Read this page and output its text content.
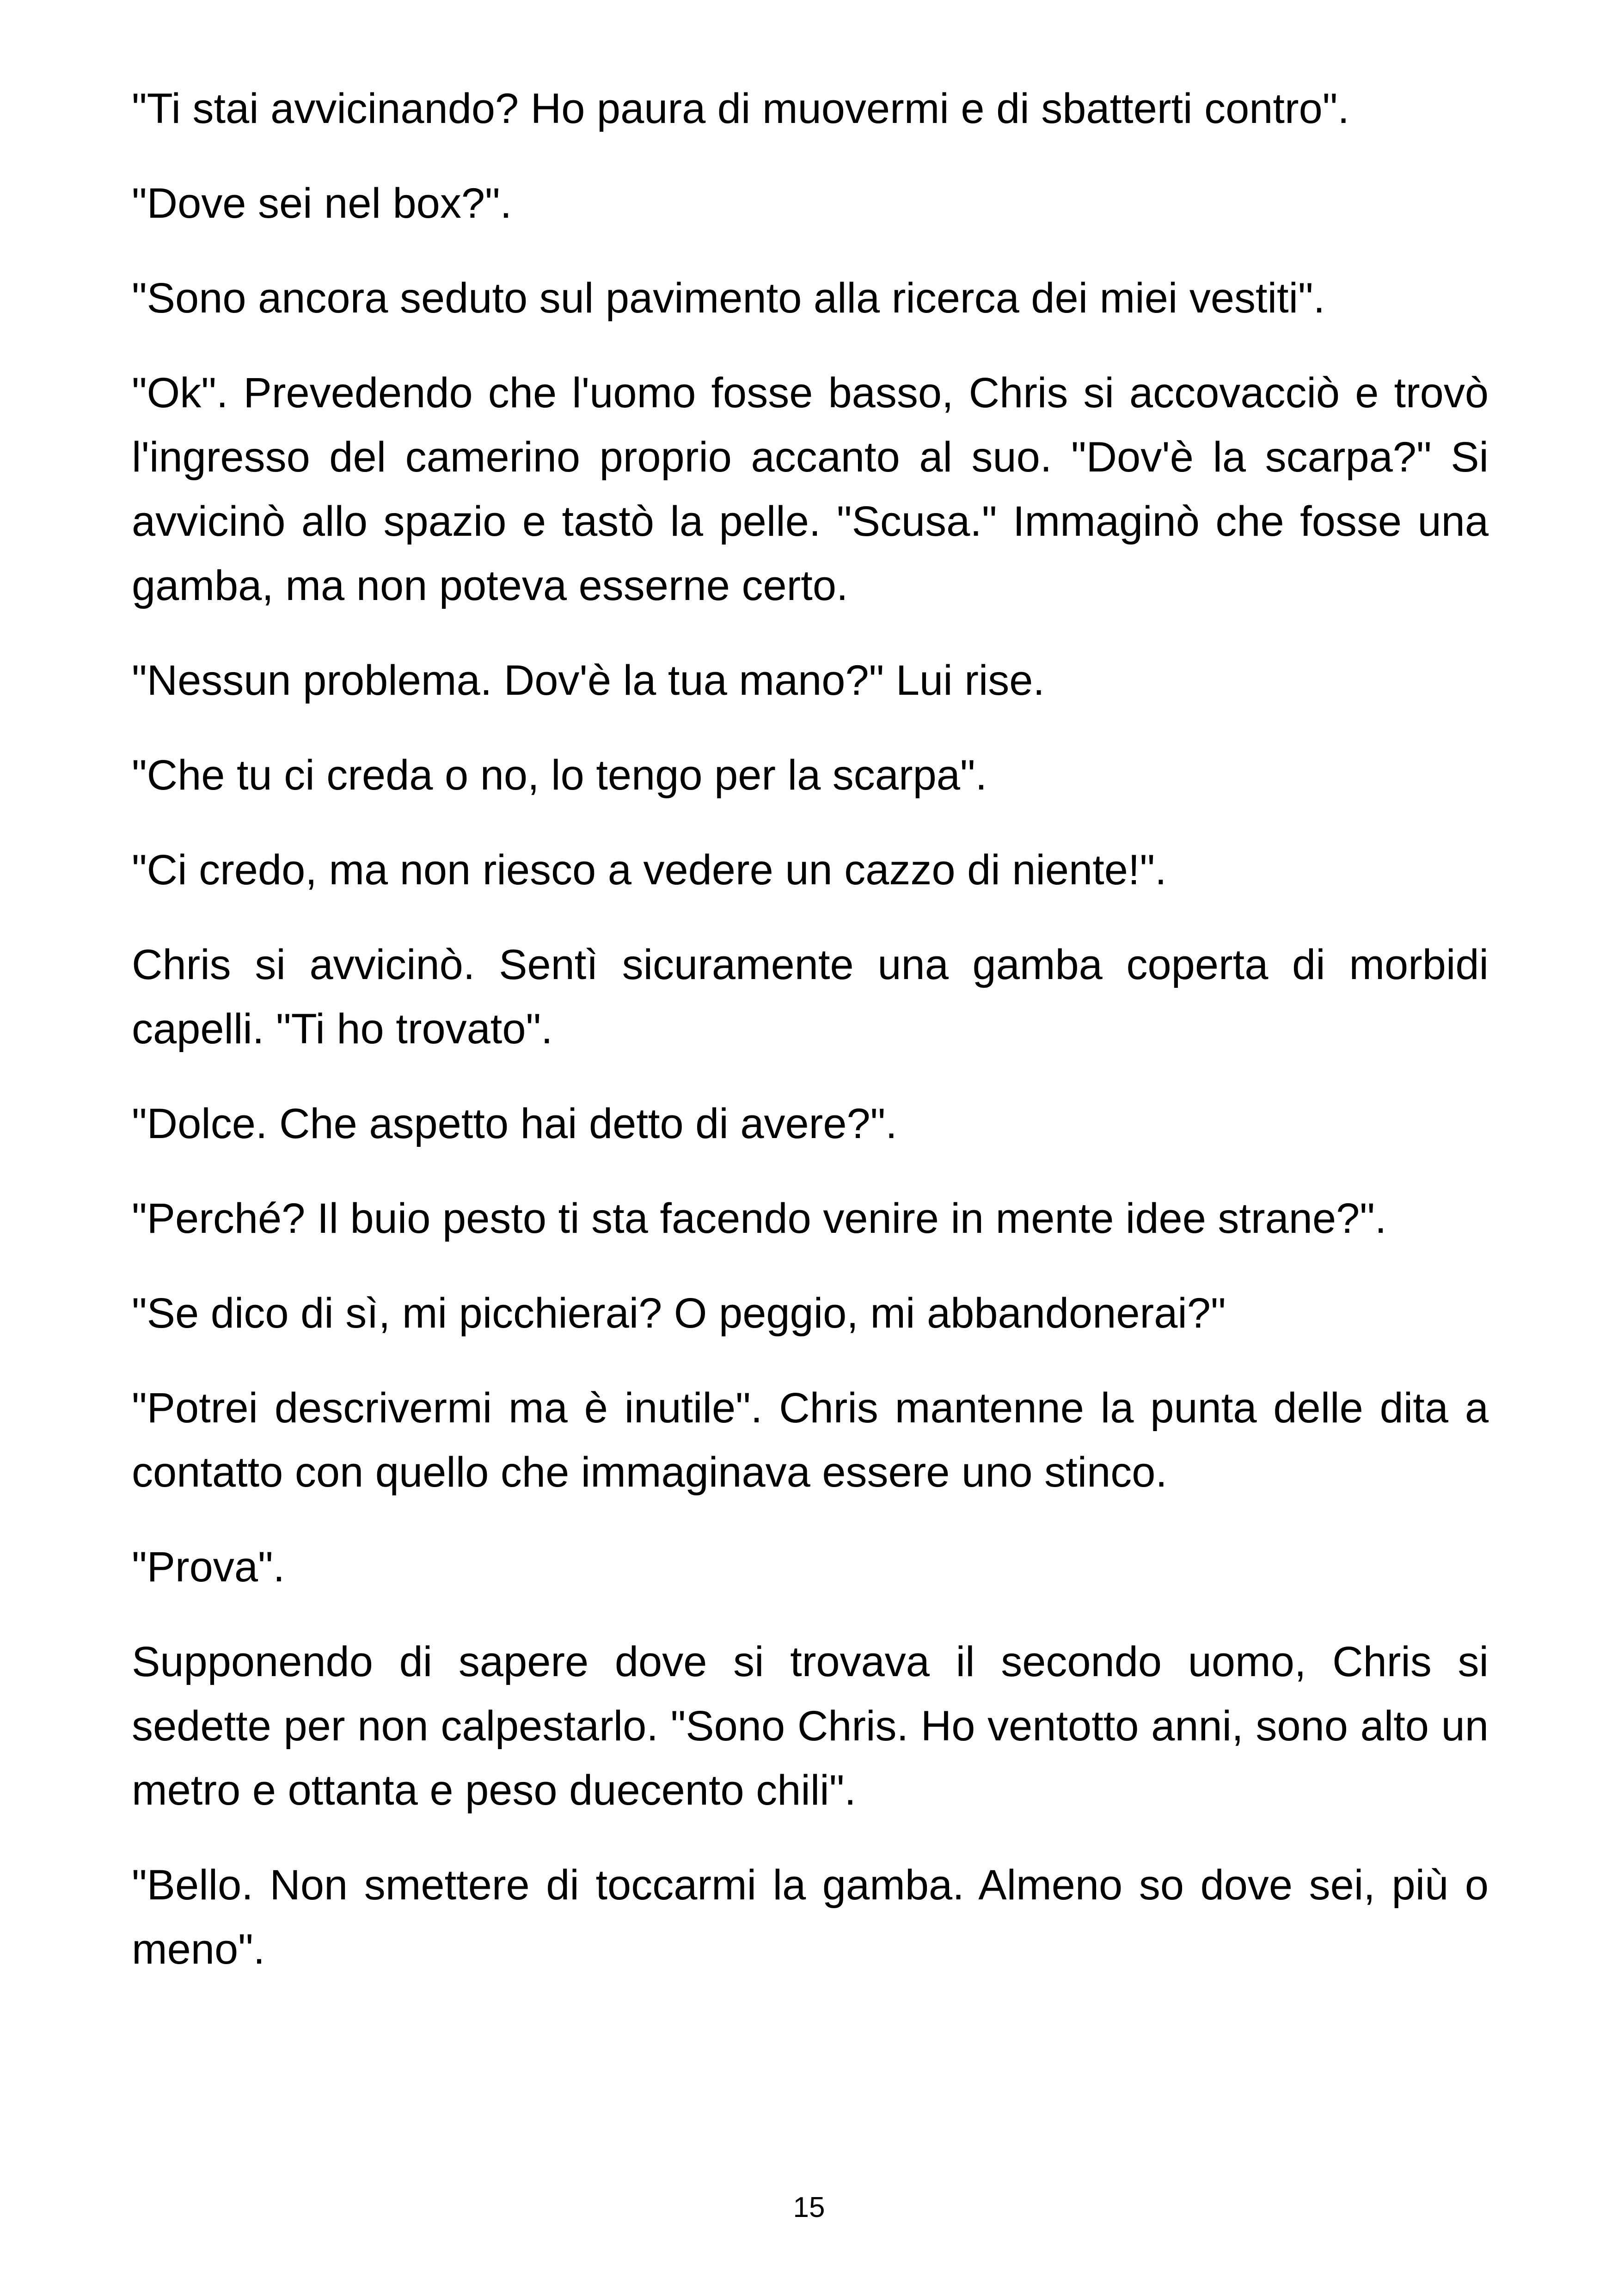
"Ti stai avvicinando? Ho paura di muovermi e di sbatterti contro".

"Dove sei nel box?".

"Sono ancora seduto sul pavimento alla ricerca dei miei vestiti".

"Ok". Prevedendo che l'uomo fosse basso, Chris si accovacciò e trovò l'ingresso del camerino proprio accanto al suo. "Dov'è la scarpa?" Si avvicinò allo spazio e tastò la pelle. "Scusa." Immaginò che fosse una gamba, ma non poteva esserne certo.

"Nessun problema. Dov'è la tua mano?" Lui rise.

"Che tu ci creda o no, lo tengo per la scarpa".

"Ci credo, ma non riesco a vedere un cazzo di niente!".

Chris si avvicinò. Sentì sicuramente una gamba coperta di morbidi capelli. "Ti ho trovato".

"Dolce. Che aspetto hai detto di avere?".

"Perché? Il buio pesto ti sta facendo venire in mente idee strane?".

"Se dico di sì, mi picchierai? O peggio, mi abbandonerai?"

"Potrei descrivermi ma è inutile". Chris mantenne la punta delle dita a contatto con quello che immaginava essere uno stinco.

"Prova".

Supponendo di sapere dove si trovava il secondo uomo, Chris si sedette per non calpestarlo. "Sono Chris. Ho ventotto anni, sono alto un metro e ottanta e peso duecento chili".

"Bello. Non smettere di toccarmi la gamba. Almeno so dove sei, più o meno".

15
